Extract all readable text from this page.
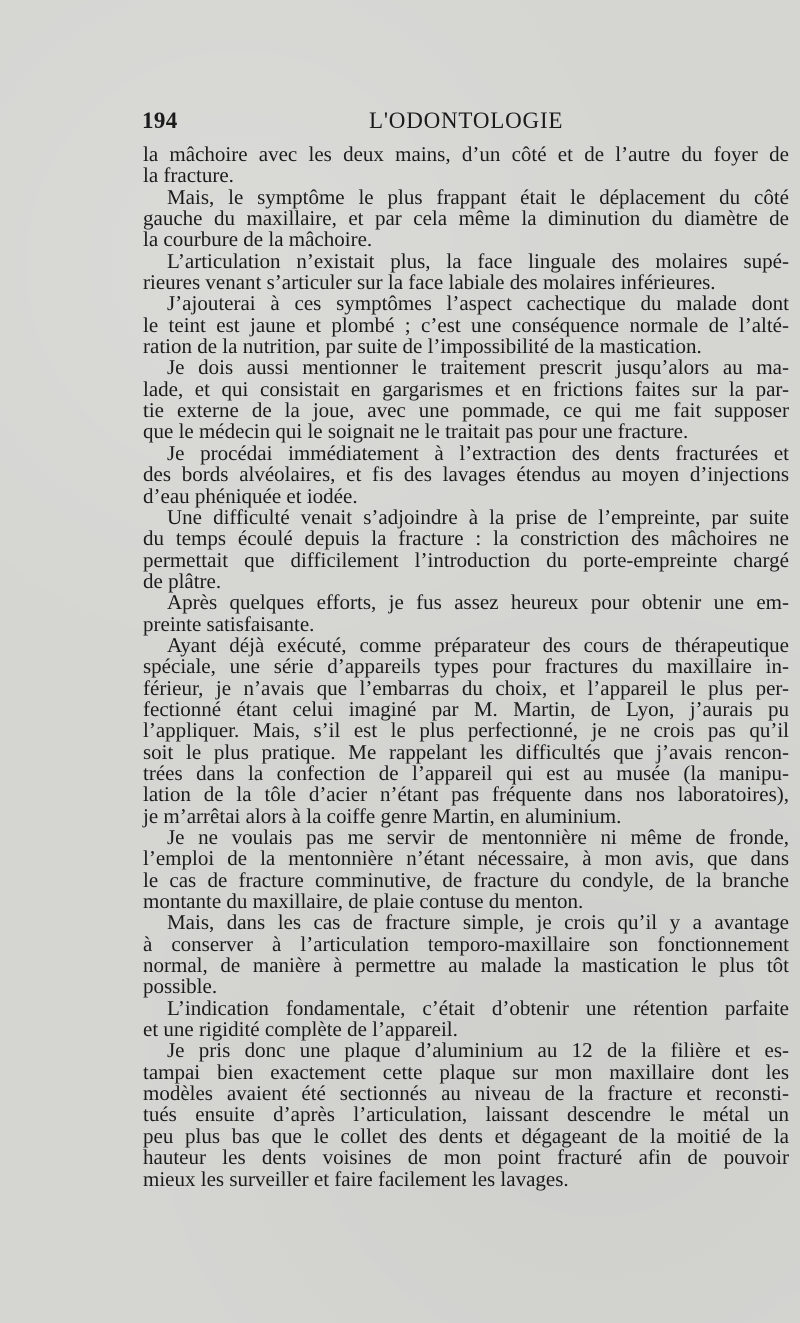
194	L'ODONTOLOGIE
la mâchoire avec les deux mains, d’un côté et de l’autre du foyer de
la fracture.
Mais, le symptôme le plus frappant était le déplacement du côté
gauche du maxillaire, et par cela même la diminution du diamètre de
la courbure de la mâchoire.
L’articulation n’existait plus, la face linguale des molaires supé-
rieures venant s’articuler sur la face labiale des molaires inférieures.
J’ajouterai à ces symptômes l’aspect cachectique du malade dont
le teint est jaune et plombé ; c’est une conséquence normale de l’alté-
ration de la nutrition, par suite de l’impossibilité de la mastication.
Je dois aussi mentionner le traitement prescrit jusqu’alors au ma-
lade, et qui consistait en gargarismes et en frictions faites sur la par-
tie externe de la joue, avec une pommade, ce qui me fait supposer
que le médecin qui le soignait ne le traitait pas pour une fracture.
Je procédai immédiatement à l’extraction des dents fracturées et
des bords alvéolaires, et fis des lavages étendus au moyen d’injections
d’eau phéniquée et iodée.
Une difficulté venait s’adjoindre à la prise de l’empreinte, par suite
du temps écoulé depuis la fracture : la constriction des mâchoires ne
permettait que difficilement l’introduction du porte-empreinte chargé
de plâtre.
Après quelques efforts, je fus assez heureux pour obtenir une em-
preinte satisfaisante.
Ayant déjà exécuté, comme préparateur des cours de thérapeutique
spéciale, une série d’appareils types pour fractures du maxillaire in-
férieur, je n’avais que l’embarras du choix, et l’appareil le plus per-
fectionné étant celui imaginé par M. Martin, de Lyon, j’aurais pu
l’appliquer. Mais, s’il est le plus perfectionné, je ne crois pas qu’il
soit le plus pratique. Me rappelant les difficultés que j’avais rencon-
trées dans la confection de l’appareil qui est au musée (la manipu-
lation de la tôle d’acier n’étant pas fréquente dans nos laboratoires),
je m’arrêtai alors à la coiffe genre Martin, en aluminium.
Je ne voulais pas me servir de mentonnière ni même de fronde,
l’emploi de la mentonnière n’étant nécessaire, à mon avis, que dans
le cas de fracture comminutive, de fracture du condyle, de la branche
montante du maxillaire, de plaie contuse du menton.
Mais, dans les cas de fracture simple, je crois qu’il y a avantage
à conserver à l’articulation temporo-maxillaire son fonctionnement
normal, de manière à permettre au malade la mastication le plus tôt
possible.
L’indication fondamentale, c’était d’obtenir une rétention parfaite
et une rigidité complète de l’appareil.
Je pris donc une plaque d’aluminium au 12 de la filière et es-
tampai bien exactement cette plaque sur mon maxillaire dont les
modèles avaient été sectionnés au niveau de la fracture et reconsti-
tués ensuite d’après l’articulation, laissant descendre le métal un
peu plus bas que le collet des dents et dégageant de la moitié de la
hauteur les dents voisines de mon point fracturé afin de pouvoir
mieux les surveiller et faire facilement les lavages.
